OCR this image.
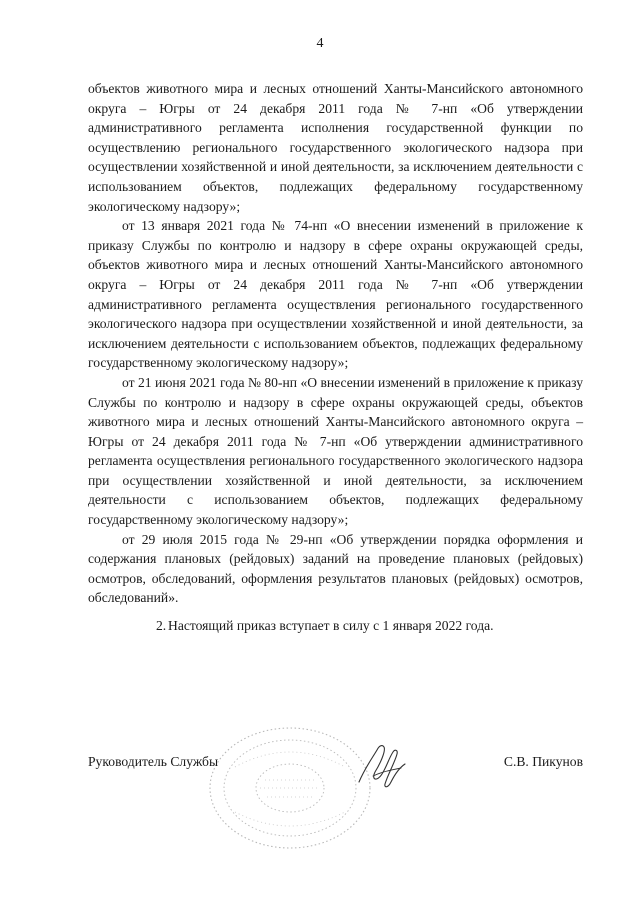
4

объектов животного мира и лесных отношений Ханты-Мансийского автономного округа – Югры от 24 декабря 2011 года № 7-нп «Об утверждении административного регламента исполнения государственной функции по осуществлению регионального государственного экологического надзора при осуществлении хозяйственной и иной деятельности, за исключением деятельности с использованием объектов, подлежащих федеральному государственному экологическому надзору»;

от 13 января 2021 года № 74-нп «О внесении изменений в приложение к приказу Службы по контролю и надзору в сфере охраны окружающей среды, объектов животного мира и лесных отношений Ханты-Мансийского автономного округа – Югры от 24 декабря 2011 года № 7-нп «Об утверждении административного регламента осуществления регионального государственного экологического надзора при осуществлении хозяйственной и иной деятельности, за исключением деятельности с использованием объектов, подлежащих федеральному государственному экологическому надзору»;

от 21 июня 2021 года № 80-нп «О внесении изменений в приложение к приказу Службы по контролю и надзору в сфере охраны окружающей среды, объектов животного мира и лесных отношений Ханты-Мансийского автономного округа – Югры от 24 декабря 2011 года № 7-нп «Об утверждении административного регламента осуществления регионального государственного экологического надзора при осуществлении хозяйственной и иной деятельности, за исключением деятельности с использованием объектов, подлежащих федеральному государственному экологическому надзору»;

от 29 июля 2015 года № 29-нп «Об утверждении порядка оформления и содержания плановых (рейдовых) заданий на проведение плановых (рейдовых) осмотров, обследований, оформления результатов плановых (рейдовых) осмотров, обследований».

2. Настоящий приказ вступает в силу с 1 января 2022 года.

Руководитель Службы	С.В. Пикунов
